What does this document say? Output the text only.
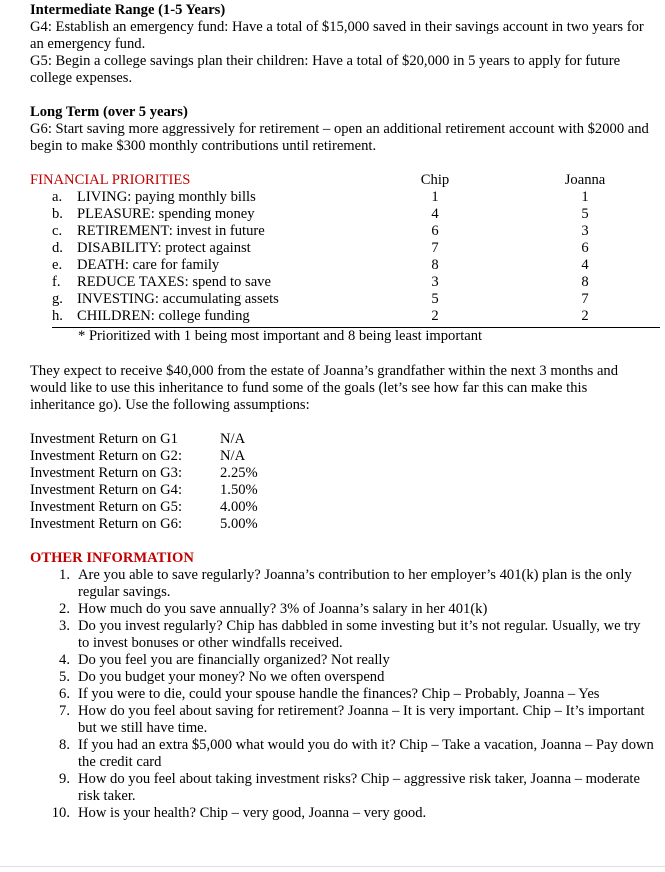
Intermediate Range (1-5 Years)

G4: Establish an emergency fund: Have a total of $15,000 saved in their savings account in two years for an emergency fund.

G5: Begin a college savings plan their children: Have a total of $20,000 in 5 years to apply for future college expenses.

Long Term (over 5 years)

G6: Start saving more aggressively for retirement – open an additional retirement account with $2000 and begin to make $300 monthly contributions until retirement.

FINANCIAL PRIORITIES		Chip	Joanna
a.	LIVING: paying monthly bills	1	1
b.	PLEASURE: spending money	4	5
c.	RETIREMENT: invest in future	6	3
d.	DISABILITY: protect against	7	6
e.	DEATH: care for family	8	4
f.	REDUCE TAXES: spend to save	3	8
g.	INVESTING: accumulating assets	5	7
h.	CHILDREN: college funding	2	2

* Prioritized with 1 being most important and 8 being least important

They expect to receive $40,000 from the estate of Joanna’s grandfather within the next 3 months and would like to use this inheritance to fund some of the goals (let’s see how far this can make this inheritance go). Use the following assumptions:

Investment Return on G1	N/A
Investment Return on G2:	N/A
Investment Return on G3:	2.25%
Investment Return on G4:	1.50%
Investment Return on G5:	4.00%
Investment Return on G6:	5.00%

OTHER INFORMATION

1. Are you able to save regularly? Joanna’s contribution to her employer’s 401(k) plan is the only regular savings.
2. How much do you save annually? 3% of Joanna’s salary in her 401(k)
3. Do you invest regularly? Chip has dabbled in some investing but it’s not regular. Usually, we try to invest bonuses or other windfalls received.
4. Do you feel you are financially organized? Not really
5. Do you budget your money? No we often overspend
6. If you were to die, could your spouse handle the finances? Chip – Probably, Joanna – Yes
7. How do you feel about saving for retirement? Joanna – It is very important. Chip – It’s important but we still have time.
8. If you had an extra $5,000 what would you do with it? Chip – Take a vacation, Joanna – Pay down the credit card
9. How do you feel about taking investment risks? Chip – aggressive risk taker, Joanna – moderate risk taker.
10. How is your health? Chip – very good, Joanna – very good.
